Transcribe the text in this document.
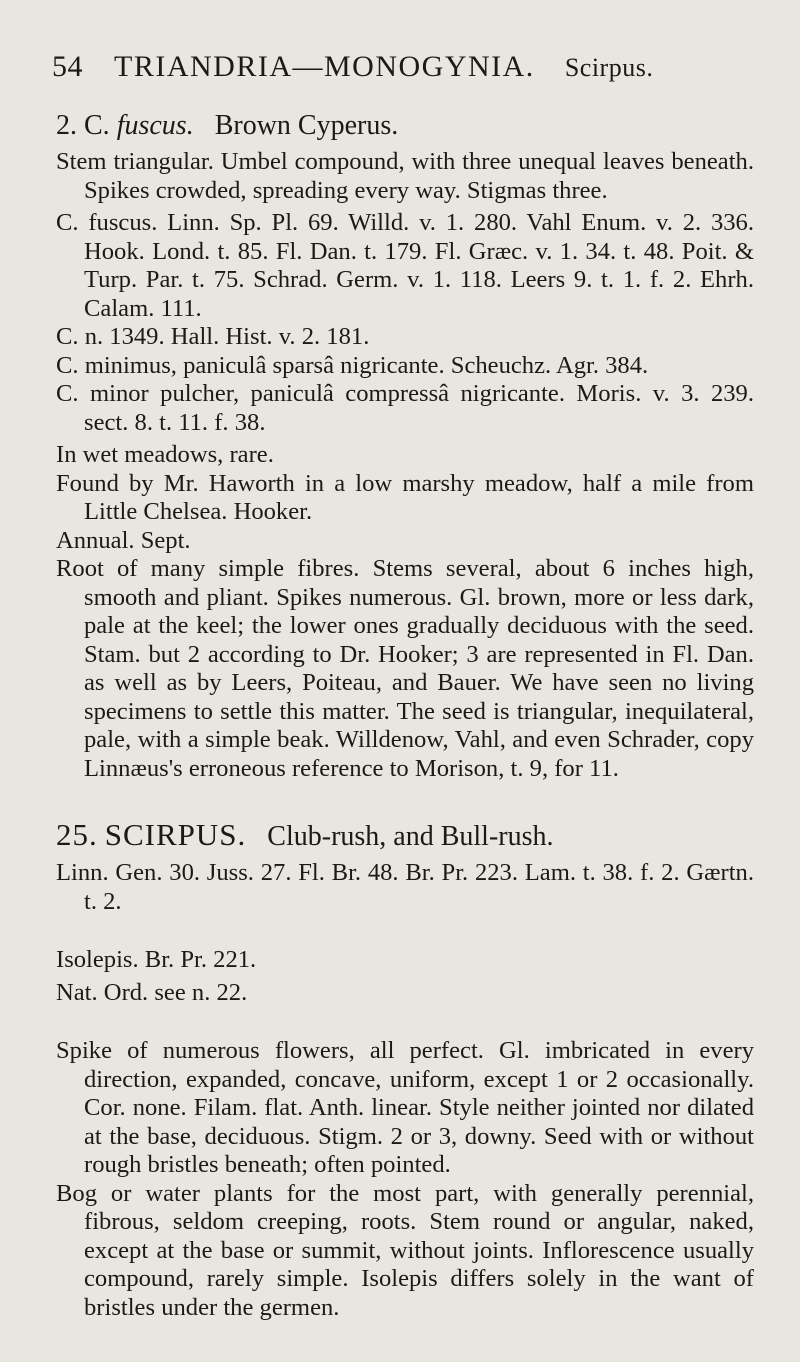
54 TRIANDRIA—MONOGYNIA. Scirpus.

2. C. fuscus. Brown Cyperus.

Stem triangular. Umbel compound, with three unequal leaves beneath. Spikes crowded, spreading every way. Stigmas three.

C. fuscus. Linn. Sp. Pl. 69. Willd. v. 1. 280. Vahl Enum. v. 2. 336. Hook. Lond. t. 85. Fl. Dan. t. 179. Fl. Græc. v. 1. 34. t. 48. Poit. & Turp. Par. t. 75. Schrad. Germ. v. 1. 118. Leers 9. t. 1. f. 2. Ehrh. Calam. 111.

C. n. 1349. Hall. Hist. v. 2. 181.

C. minimus, paniculâ sparsâ nigricante. Scheuchz. Agr. 384.

C. minor pulcher, paniculâ compressâ nigricante. Moris. v. 3. 239. sect. 8. t. 11. f. 38.

In wet meadows, rare.

Found by Mr. Haworth in a low marshy meadow, half a mile from Little Chelsea. Hooker.

Annual. Sept.

Root of many simple fibres. Stems several, about 6 inches high, smooth and pliant. Spikes numerous. Gl. brown, more or less dark, pale at the keel; the lower ones gradually deciduous with the seed. Stam. but 2 according to Dr. Hooker; 3 are represented in Fl. Dan. as well as by Leers, Poiteau, and Bauer. We have seen no living specimens to settle this matter. The seed is triangular, inequilateral, pale, with a simple beak. Willdenow, Vahl, and even Schrader, copy Linnæus's erroneous reference to Morison, t. 9, for 11.

25. SCIRPUS. Club-rush, and Bull-rush.

Linn. Gen. 30. Juss. 27. Fl. Br. 48. Br. Pr. 223. Lam. t. 38. f. 2. Gærtn. t. 2.

Isolepis. Br. Pr. 221.

Nat. Ord. see n. 22.

Spike of numerous flowers, all perfect. Gl. imbricated in every direction, expanded, concave, uniform, except 1 or 2 occasionally. Cor. none. Filam. flat. Anth. linear. Style neither jointed nor dilated at the base, deciduous. Stigm. 2 or 3, downy. Seed with or without rough bristles beneath; often pointed.

Bog or water plants for the most part, with generally perennial, fibrous, seldom creeping, roots. Stem round or angular, naked, except at the base or summit, without joints. Inflorescence usually compound, rarely simple. Isolepis differs solely in the want of bristles under the germen.
